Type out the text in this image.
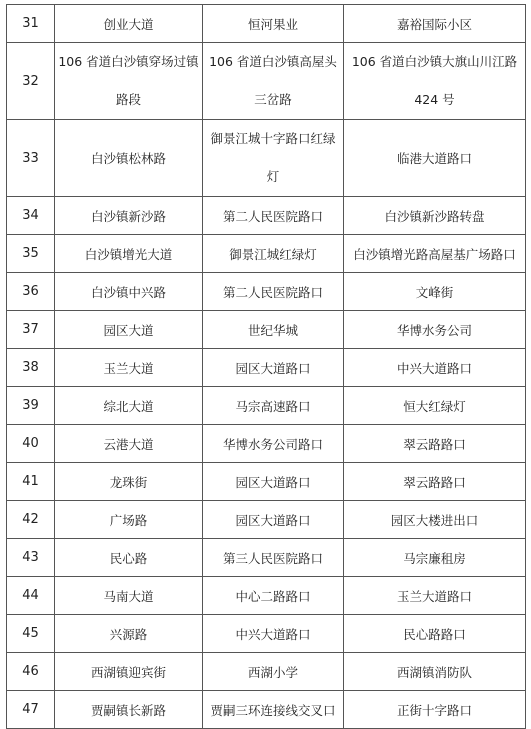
31	创业大道	恒河果业	嘉裕国际小区
32	106 省道白沙镇穿场过镇路段	106 省道白沙镇高屋头三岔路	106 省道白沙镇大旗山川江路 424 号
33	白沙镇松林路	御景江城十字路口红绿灯	临港大道路口
34	白沙镇新沙路	第二人民医院路口	白沙镇新沙路转盘
35	白沙镇增光大道	御景江城红绿灯	白沙镇增光路高屋基广场路口
36	白沙镇中兴路	第二人民医院路口	文峰街
37	园区大道	世纪华城	华博水务公司
38	玉兰大道	园区大道路口	中兴大道路口
39	综北大道	马宗高速路口	恒大红绿灯
40	云港大道	华博水务公司路口	翠云路路口
41	龙珠街	园区大道路口	翠云路路口
42	广场路	园区大道路口	园区大楼进出口
43	民心路	第三人民医院路口	马宗廉租房
44	马南大道	中心二路路口	玉兰大道路口
45	兴源路	中兴大道路口	民心路路口
46	西湖镇迎宾街	西湖小学	西湖镇消防队
47	贾嗣镇长新路	贾嗣三环连接线交叉口	正街十字路口
